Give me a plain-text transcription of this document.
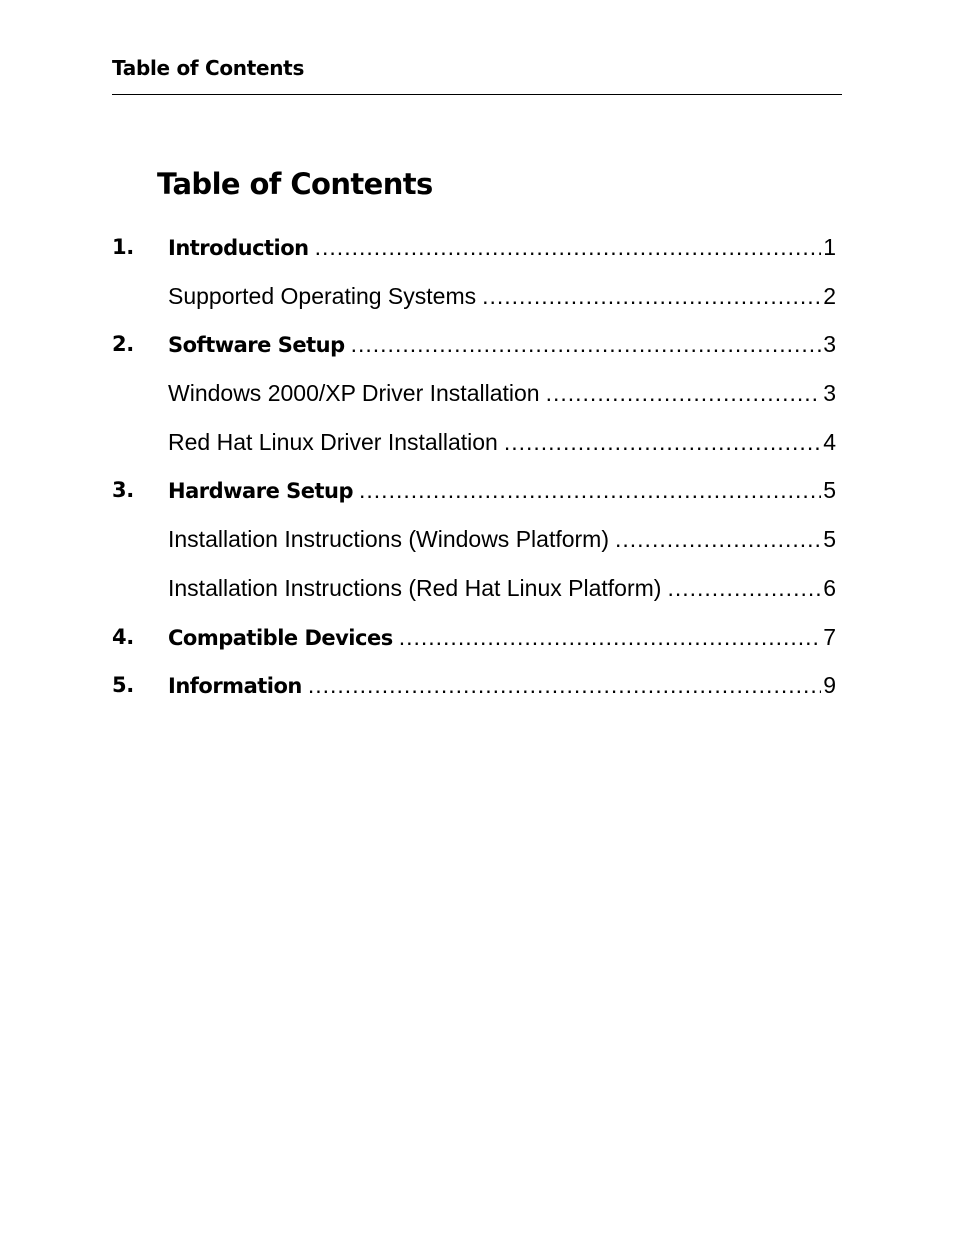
Table of Contents
Table of Contents
1. Introduction .....	1
Supported Operating Systems .....	2
2. Software Setup .....	3
Windows 2000/XP Driver Installation .....	3
Red Hat Linux Driver Installation .....	4
3. Hardware Setup .....	5
Installation Instructions (Windows Platform) .....	5
Installation Instructions (Red Hat Linux Platform) .....	6
4. Compatible Devices .....	7
5. Information .....	9
